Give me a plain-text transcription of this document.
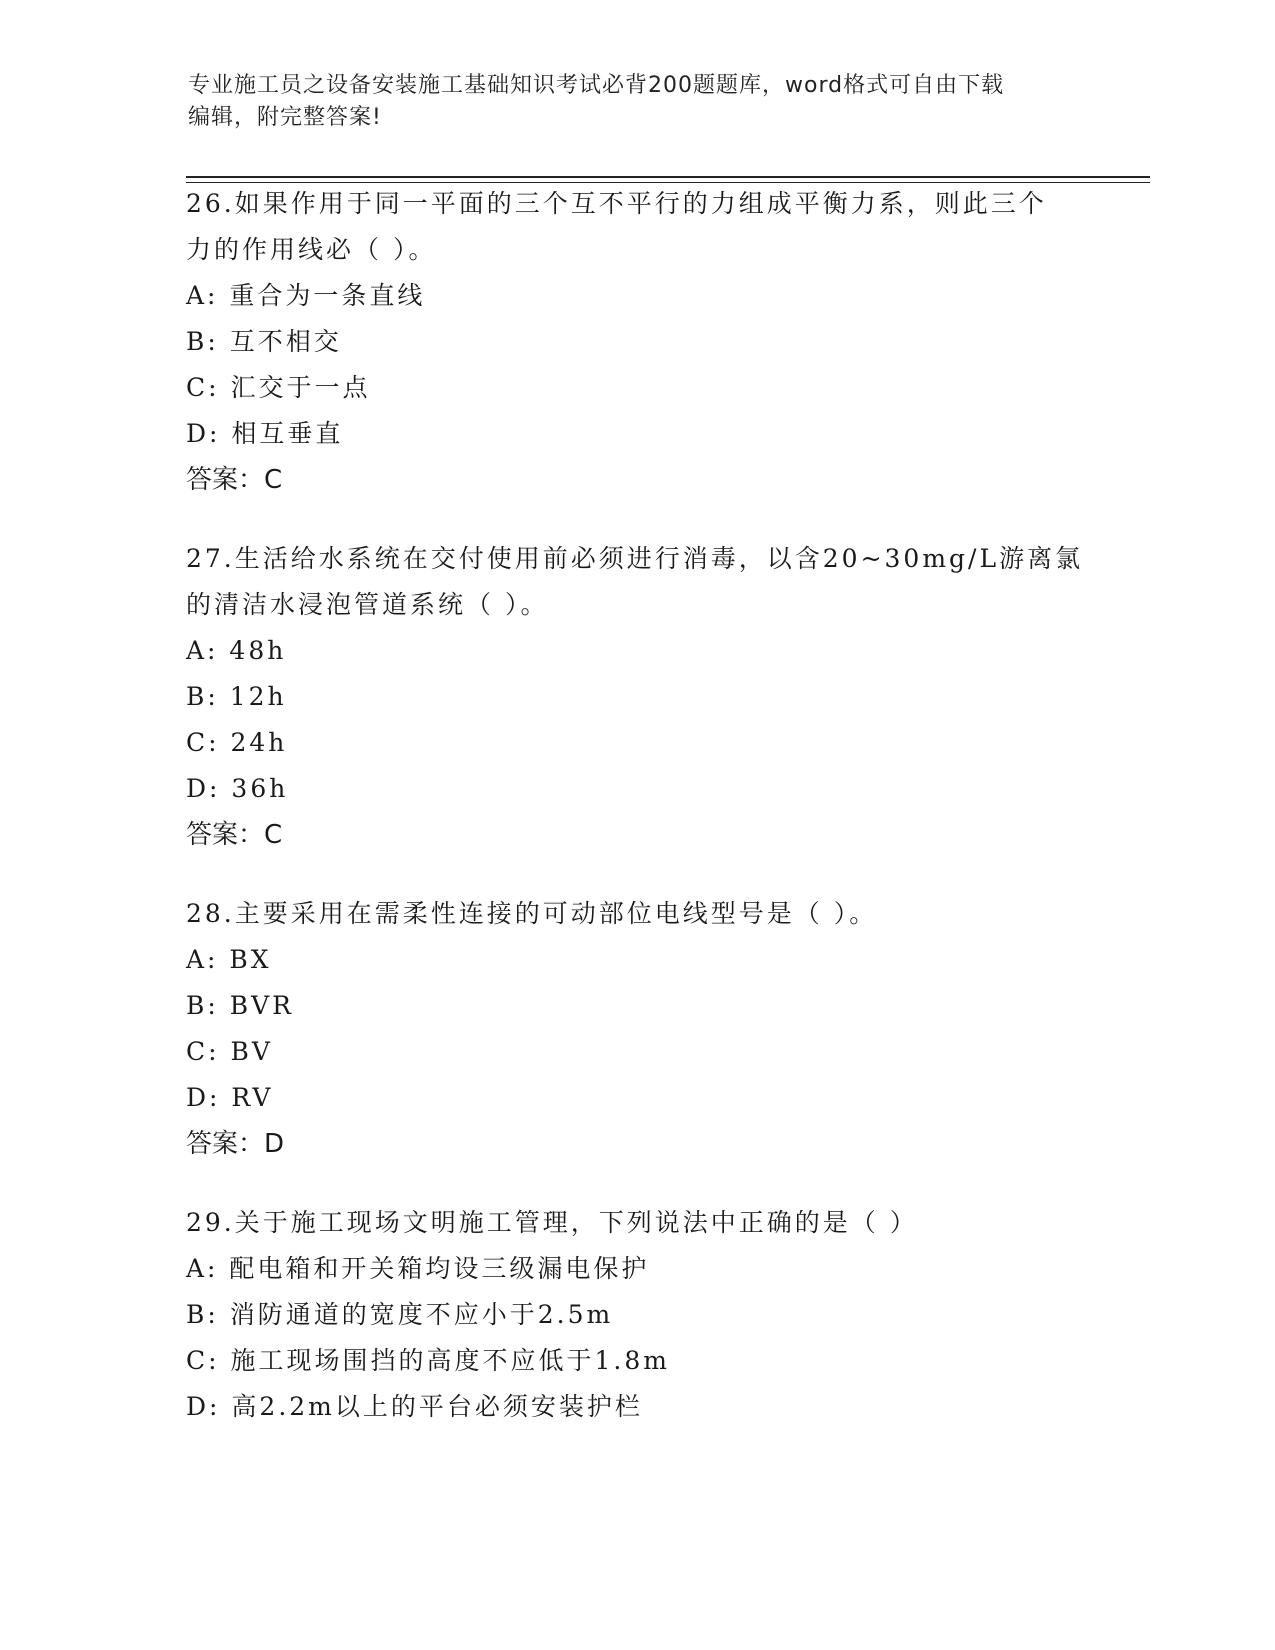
专业施工员之设备安装施工基础知识考试必背200题题库，word格式可自由下载
编辑，附完整答案!

26.如果作用于同一平面的三个互不平行的力组成平衡力系，则此三个

力的作用线必（ ）。

A: 重合为一条直线

B: 互不相交

C: 汇交于一点

D: 相互垂直

答案：C

27.生活给水系统在交付使用前必须进行消毒，以含20~30mg/L游离氯

的清洁水浸泡管道系统（ ）。

A: 48h

B: 12h

C: 24h

D: 36h

答案：C

28.主要采用在需柔性连接的可动部位电线型号是（ ）。

A: BX

B: BVR

C: BV

D: RV

答案：D

29.关于施工现场文明施工管理，下列说法中正确的是（ ）

A: 配电箱和开关箱均设三级漏电保护

B: 消防通道的宽度不应小于2.5m

C: 施工现场围挡的高度不应低于1.8m

D: 高2.2m以上的平台必须安装护栏
